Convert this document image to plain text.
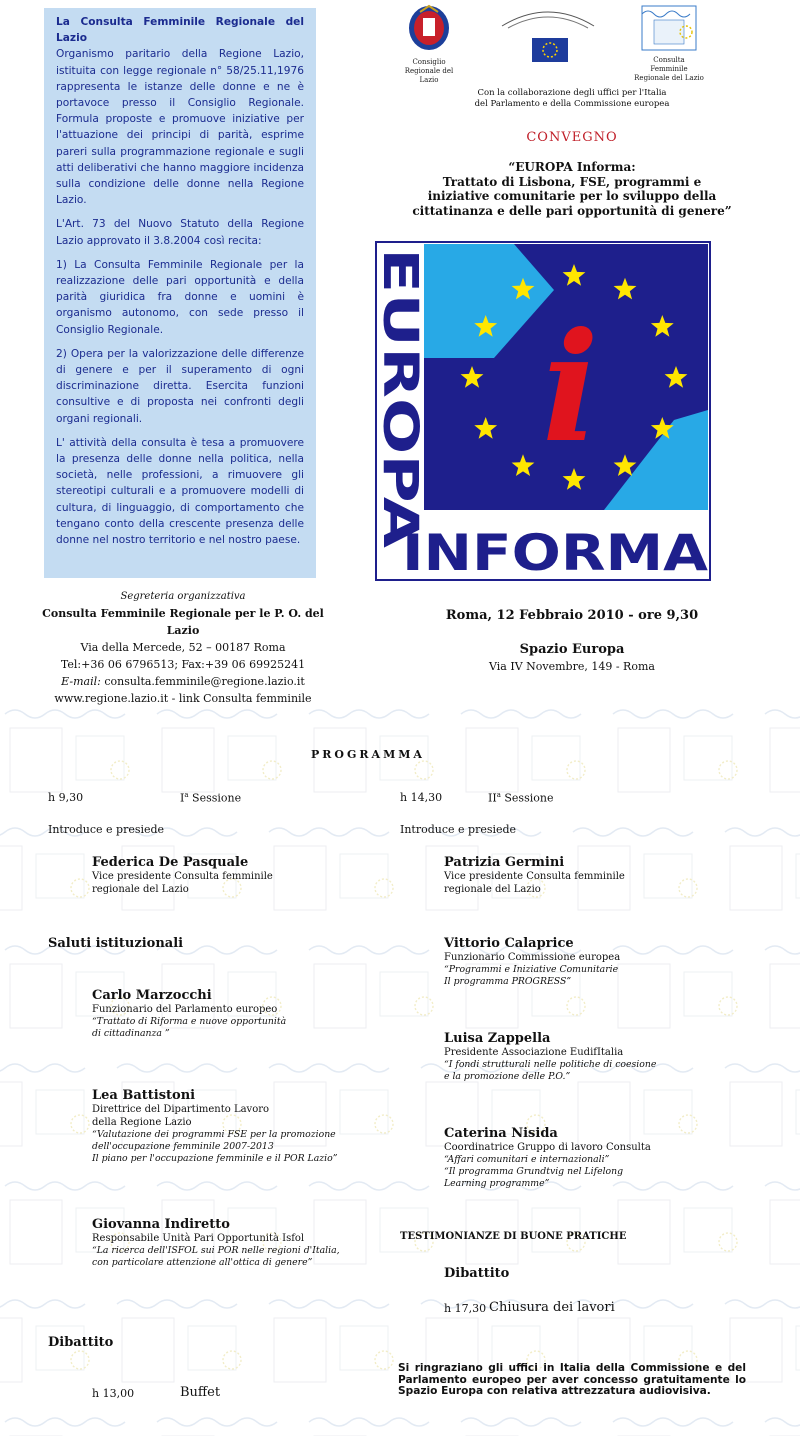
La Consulta Femminile Regionale del Lazio
Organismo paritario della Regione Lazio, istituita con legge regionale n° 58/25.11,1976 rappresenta le istanze delle donne e ne è portavoce presso il Consiglio Regionale. Formula proposte e promuove iniziative per l'attuazione dei principi di parità, esprime pareri sulla programmazione regionale e sugli atti deliberativi che hanno maggiore incidenza sulla condizione delle donne nella Regione Lazio.

L'Art. 73 del Nuovo Statuto della Regione Lazio approvato il 3.8.2004 così recita:

1) La Consulta Femminile Regionale per la realizzazione delle pari opportunità e della parità giuridica fra donne e uomini è organismo autonomo, con sede presso il Consiglio Regionale.

2) Opera per la valorizzazione delle differenze di genere e per il superamento di ogni discriminazione diretta. Esercita funzioni consultive e di proposta nei confronti degli organi regionali.

L' attività della consulta è tesa a promuovere la presenza delle donne nella politica, nella società, nelle professioni, a rimuovere gli stereotipi culturali e a promuovere modelli di cultura, di linguaggio, di comportamento che tengano conto della crescente presenza delle donne nel nostro territorio e nel nostro paese.

Segreteria organizzativa
Consulta Femminile Regionale per le P. O. del Lazio
Via della Mercede, 52 – 00187 Roma
Tel:+36 06 6796513; Fax:+39 06 69925241
E-mail: consulta.femminile@regione.lazio.it
www.regione.lazio.it - link Consulta femminile
Consiglio
Regionale del Lazio
Consulta Femminile
Regionale del Lazio
Con la collaborazione degli uffici per l'Italia
del Parlamento e della Commissione europea
CONVEGNO
“EUROPA Informa:
Trattato di Lisbona, FSE, programmi e
iniziative comunitarie per lo sviluppo della
cittatinanza e delle pari opportunità di genere”
EUROPA i
INFORMA
Roma, 12 Febbraio 2010 - ore 9,30
Spazio Europa
Via IV Novembre, 149 - Roma
PROGRAMMA
h 9,30	$I^a$ Sessione	h 14,30	$II^a$ Sessione
Introduce e presiede	Introduce e presiede
Federica De Pasquale
Vice presidente Consulta femminile
regionale del Lazio
Saluti istituzionali
Carlo Marzocchi
Funzionario del Parlamento europeo
“Trattato di Riforma e nuove opportunità
di cittadinanza ”
Lea Battistoni
Direttrice del Dipartimento Lavoro
della Regione Lazio
“Valutazione dei programmi FSE per la promozione
dell'occupazione femminile 2007-2013
Il piano per l'occupazione femminile e il POR Lazio”
Giovanna Indiretto
Responsabile Unità Pari Opportunità Isfol
“La ricerca dell'ISFOL sui POR nelle regioni d'Italia,
con particolare attenzione all'ottica di genere”
Dibattito
h 13,00	Buffet
Patrizia Germini
Vice presidente Consulta femminile
regionale del Lazio
Vittorio Calaprice
Funzionario Commissione europea
“Programmi e Iniziative Comunitarie
Il programma PROGRESS”
Luisa Zappella
Presidente Associazione EudifItalia
“I fondi strutturali nelle politiche di coesione
e la promozione delle P.O.”
Caterina Nisida
Coordinatrice Gruppo di lavoro Consulta
“Affari comunitari e internazionali”
“Il programma Grundtvig nel Lifelong
Learning programme”
TESTIMONIANZE DI BUONE PRATICHE
Dibattito
h 17,30 Chiusura dei lavori
Si ringraziano gli uffici in Italia della Commissione e del Parlamento europeo per aver concesso gratuitamente lo Spazio Europa con relativa attrezzatura audiovisiva.
